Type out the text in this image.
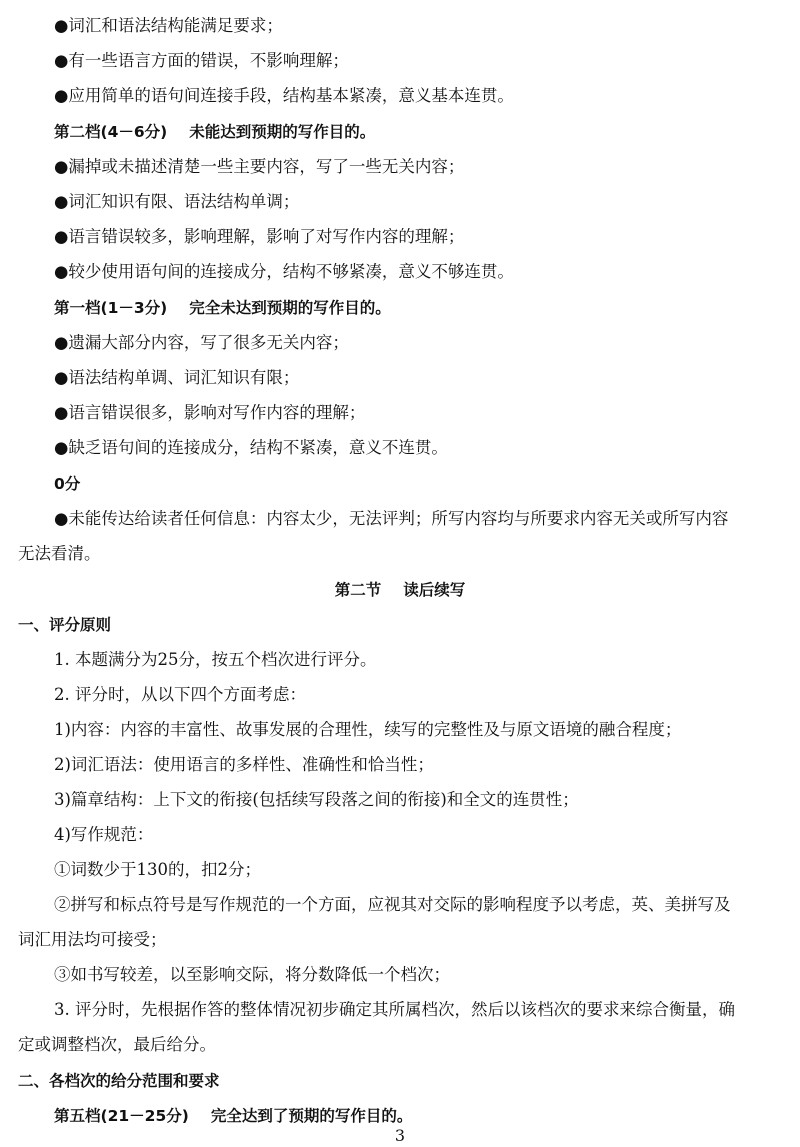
●词汇和语法结构能满足要求；
●有一些语言方面的错误，不影响理解；
●应用简单的语句间连接手段，结构基本紧凑，意义基本连贯。
第二档(4－6分) 未能达到预期的写作目的。
●漏掉或未描述清楚一些主要内容，写了一些无关内容；
●词汇知识有限、语法结构单调；
●语言错误较多，影响理解，影响了对写作内容的理解；
●较少使用语句间的连接成分，结构不够紧凑，意义不够连贯。
第一档(1－3分) 完全未达到预期的写作目的。
●遗漏大部分内容，写了很多无关内容；
●语法结构单调、词汇知识有限；
●语言错误很多，影响对写作内容的理解；
●缺乏语句间的连接成分，结构不紧凑，意义不连贯。
0分
●未能传达给读者任何信息：内容太少，无法评判；所写内容均与所要求内容无关或所写内容
无法看清。
第二节 读后续写
一、评分原则
1. 本题满分为25分，按五个档次进行评分。
2. 评分时，从以下四个方面考虑：
1)内容：内容的丰富性、故事发展的合理性，续写的完整性及与原文语境的融合程度；
2)词汇语法：使用语言的多样性、准确性和恰当性；
3)篇章结构：上下文的衔接(包括续写段落之间的衔接)和全文的连贯性；
4)写作规范：
①词数少于130的，扣2分；
②拼写和标点符号是写作规范的一个方面，应视其对交际的影响程度予以考虑，英、美拼写及
词汇用法均可接受；
③如书写较差，以至影响交际，将分数降低一个档次；
3. 评分时，先根据作答的整体情况初步确定其所属档次，然后以该档次的要求来综合衡量，确
定或调整档次，最后给分。
二、各档次的给分范围和要求
第五档(21－25分) 完全达到了预期的写作目的。
3
